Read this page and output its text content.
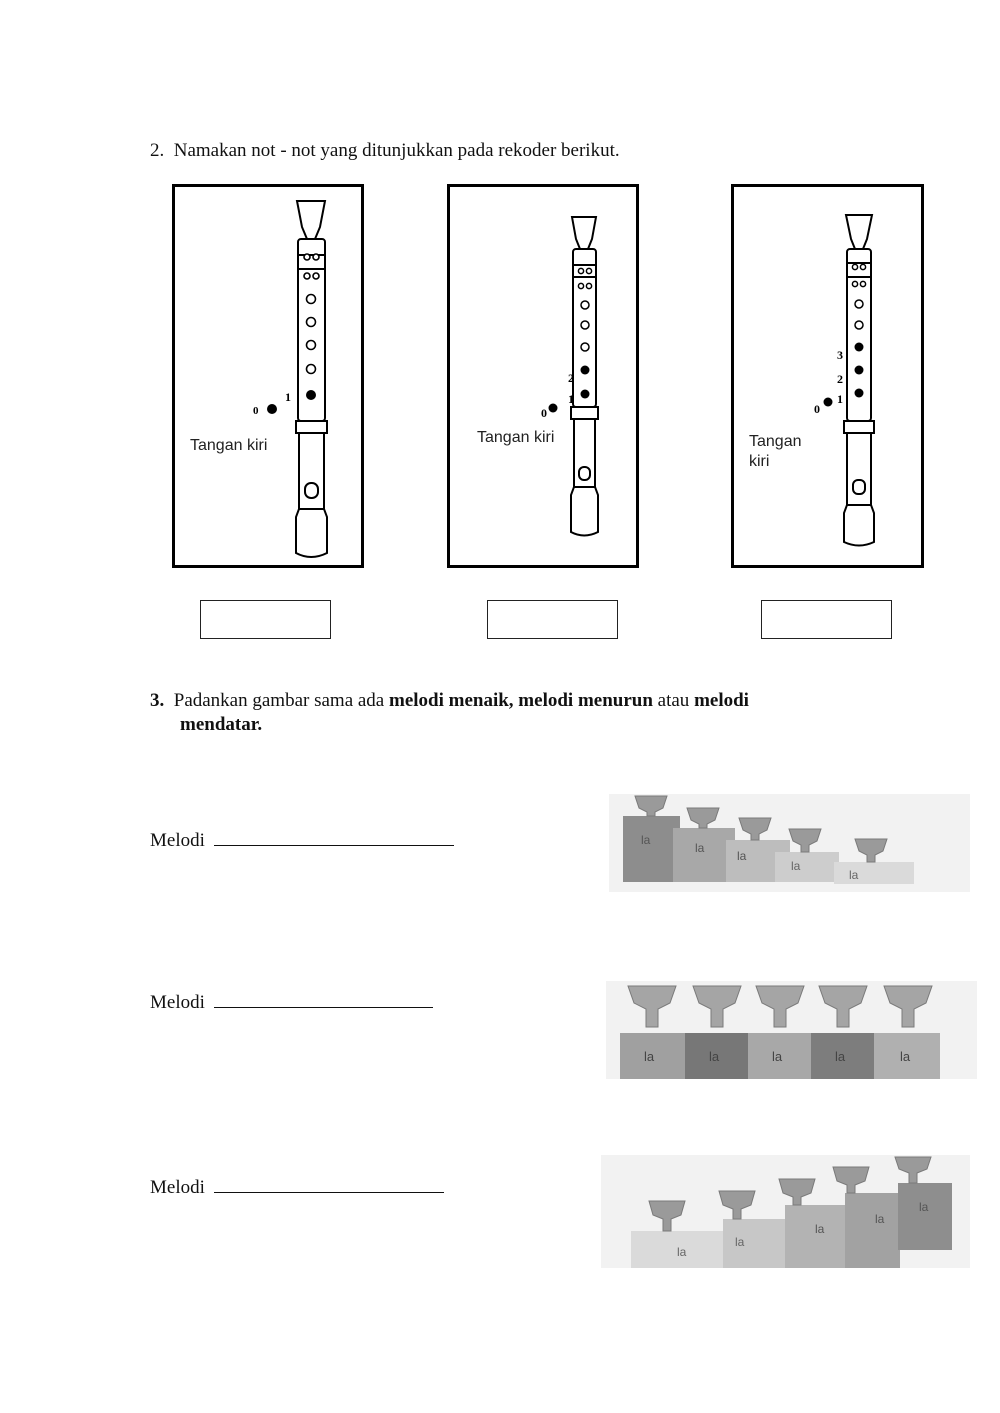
2. Namakan not - not yang ditunjukkan pada rekoder berikut.
0
1
Tangan kiri
0
1
2
Tangan kiri
0
1
2
3
Tangan kiri
3. Padankan gambar sama ada melodi menaik, melodi menurun atau melodi
mendatar.
Melodi
Melodi
Melodi
la
la
la
la
la
la	la	la	la	la
la
la
la
la
la
